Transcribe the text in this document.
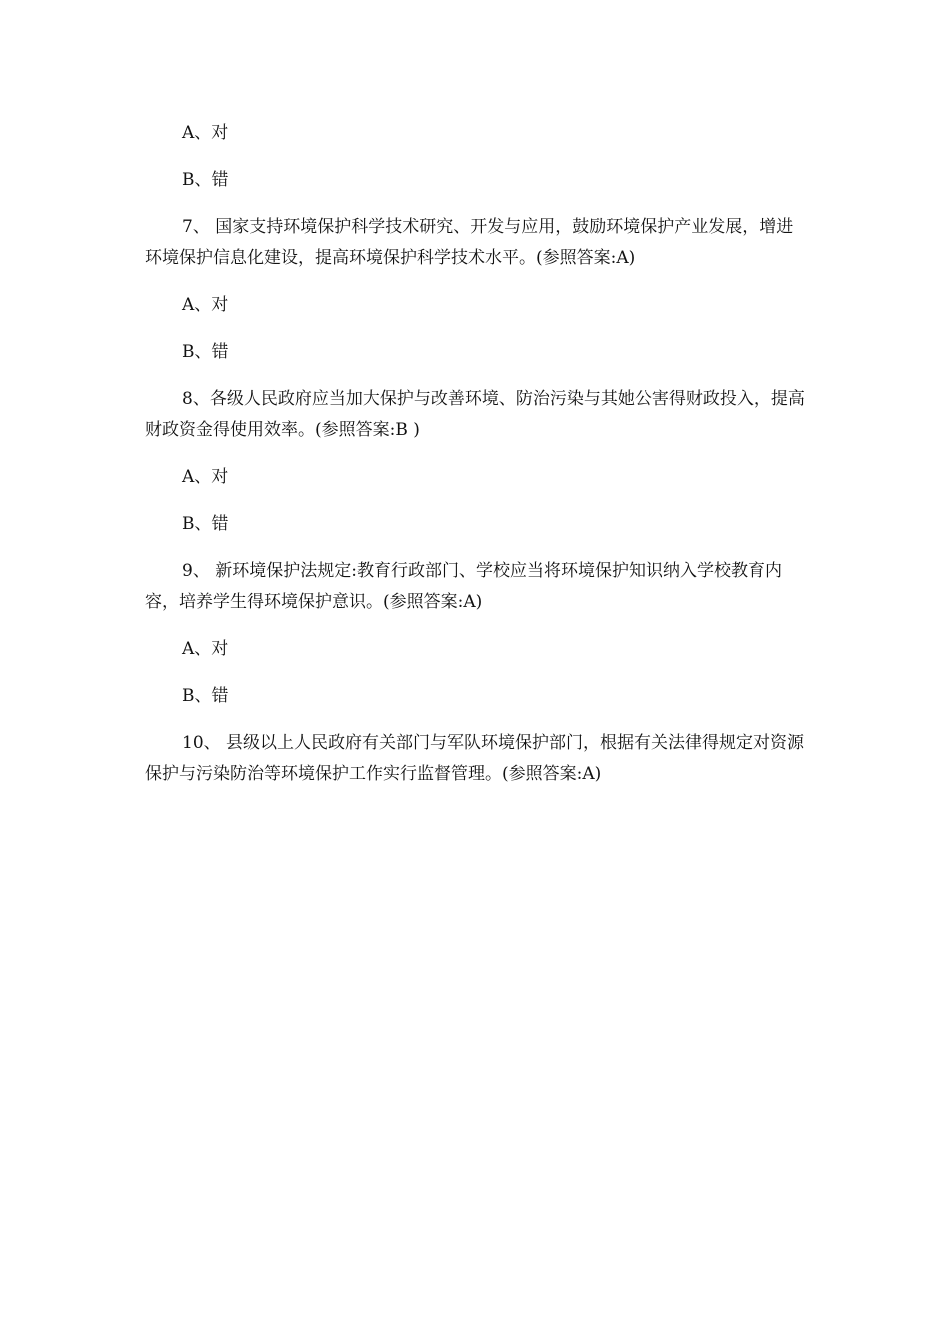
A、对

B、错

7、 国家支持环境保护科学技术研究、开发与应用，鼓励环境保护产业发展，增进环境保护信息化建设，提高环境保护科学技术水平。(参照答案:A)

A、对

B、错

8、各级人民政府应当加大保护与改善环境、防治污染与其她公害得财政投入，提高财政资金得使用效率。(参照答案:B )

A、对

B、错

9、 新环境保护法规定:教育行政部门、学校应当将环境保护知识纳入学校教育内容，培养学生得环境保护意识。(参照答案:A)

A、对

B、错

10、 县级以上人民政府有关部门与军队环境保护部门，根据有关法律得规定对资源保护与污染防治等环境保护工作实行监督管理。(参照答案:A)
